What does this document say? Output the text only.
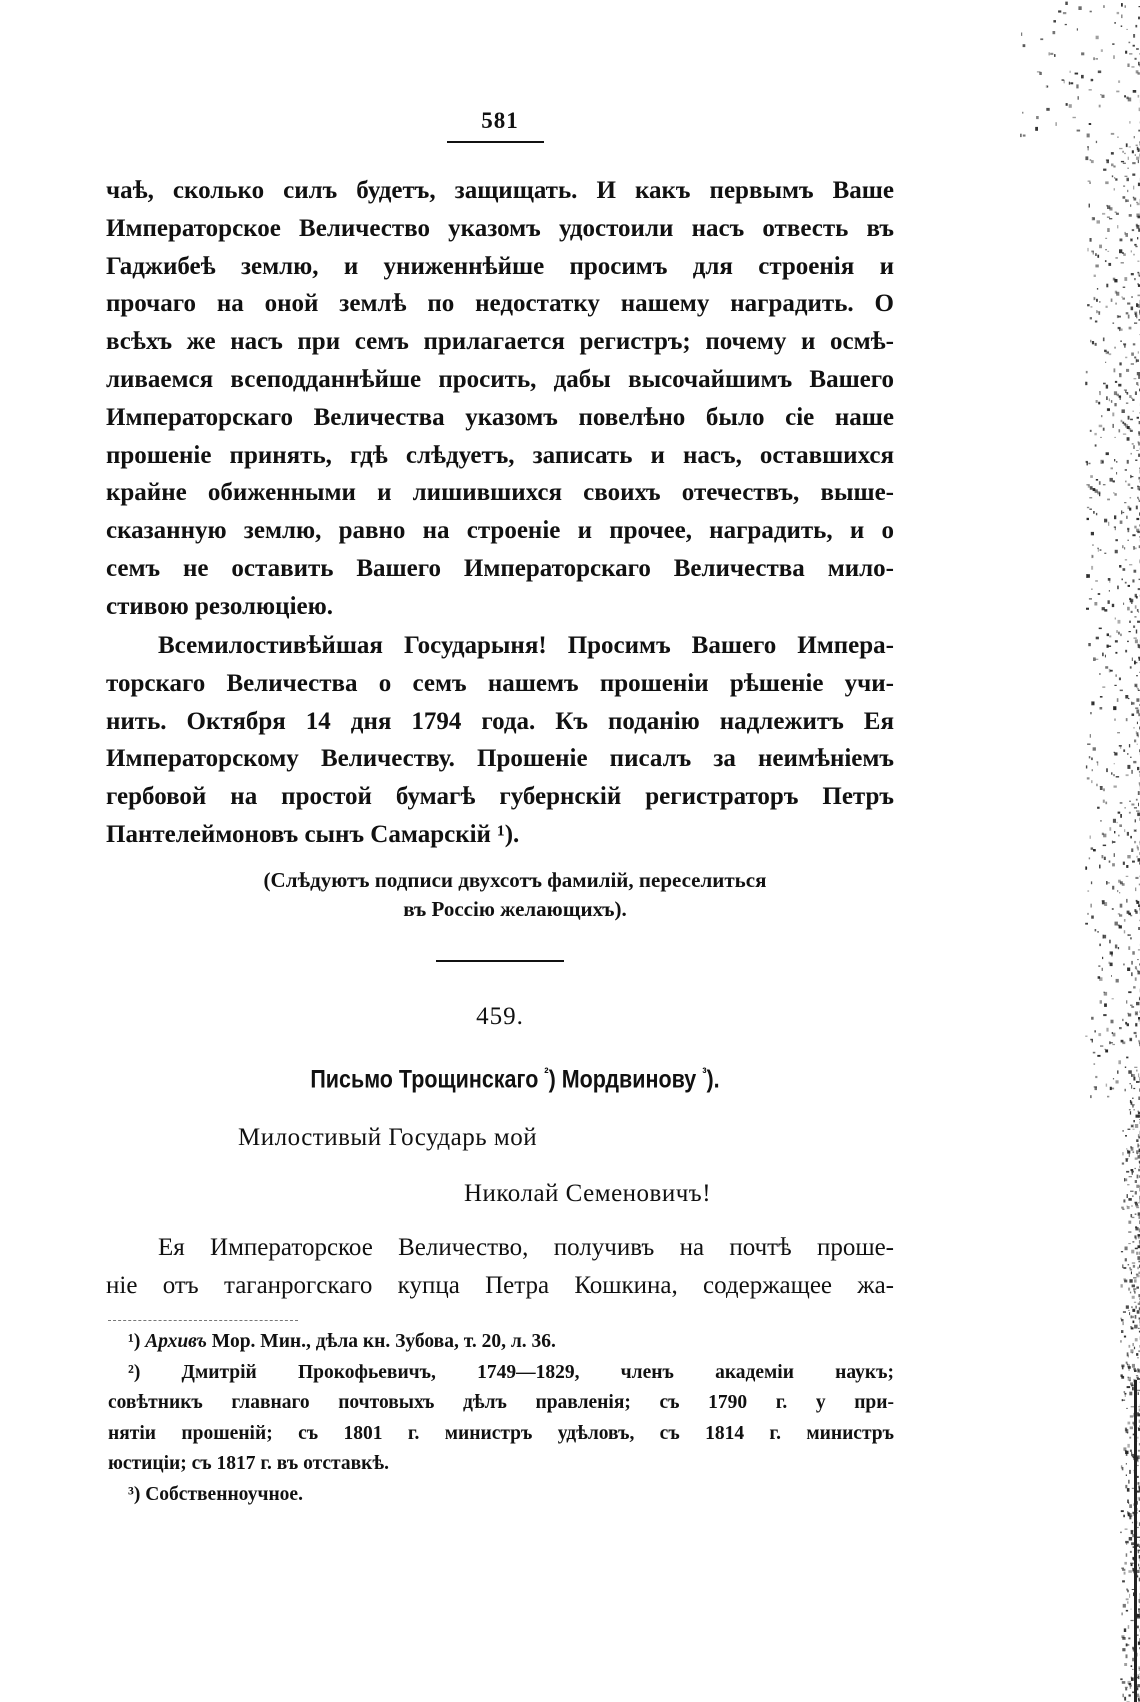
581
чаѣ, сколько силъ будетъ, защищать. И какъ первымъ Ваше
Императорское Величество указомъ удостоили насъ отвесть въ
Гаджибеѣ землю, и униженнѣйше просимъ для строенія и
прочаго на оной землѣ по недостатку нашему наградить. О
всѣхъ же насъ при семъ прилагается регистръ; почему и осмѣ-
ливаемся всеподданнѣйше просить, дабы высочайшимъ Вашего
Императорскаго Величества указомъ повелѣно было сіе наше
прошеніе принять, гдѣ слѣдуетъ, записать и насъ, оставшихся
крайне обиженными и лишившихся своихъ отечествъ, выше-
сказанную землю, равно на строеніе и прочее, наградить, и о
семъ не оставить Вашего Императорскаго Величества мило-
стивою резолюціею.
Всемилостивѣйшая Государыня! Просимъ Вашего Импера-
торскаго Величества о семъ нашемъ прошеніи рѣшеніе учи-
нить. Октября 14 дня 1794 года. Къ поданію надлежитъ Ея
Императорскому Величеству. Прошеніе писалъ за неимѣніемъ
гербовой на простой бумагѣ губернскій регистраторъ Петръ
Пантелеймоновъ сынъ Самарскій ¹).
(Слѣдуютъ подписи двухсотъ фамилій, переселиться
въ Россію желающихъ).
459.
Письмо Трощинскаго $^{^2}$) Мордвинову $^{^3}$).
Милостивый Государь мой
Николай Семеновичъ!
Ея Императорское Величество, получивъ на почтѣ проше-
ніе отъ таганрогскаго купца Петра Кошкина, содержащее жа-
¹) Архивъ Мор. Мин., дѣла кн. Зубова, т. 20, л. 36.
²) Дмитрій Прокофьевичъ, 1749—1829, членъ академіи наукъ;
совѣтникъ главнаго почтовыхъ дѣлъ правленія; съ 1790 г. у при-
нятіи прошеній; съ 1801 г. министръ удѣловъ, съ 1814 г. министръ
юстиціи; съ 1817 г. въ отставкѣ.
³) Собственноучное.
